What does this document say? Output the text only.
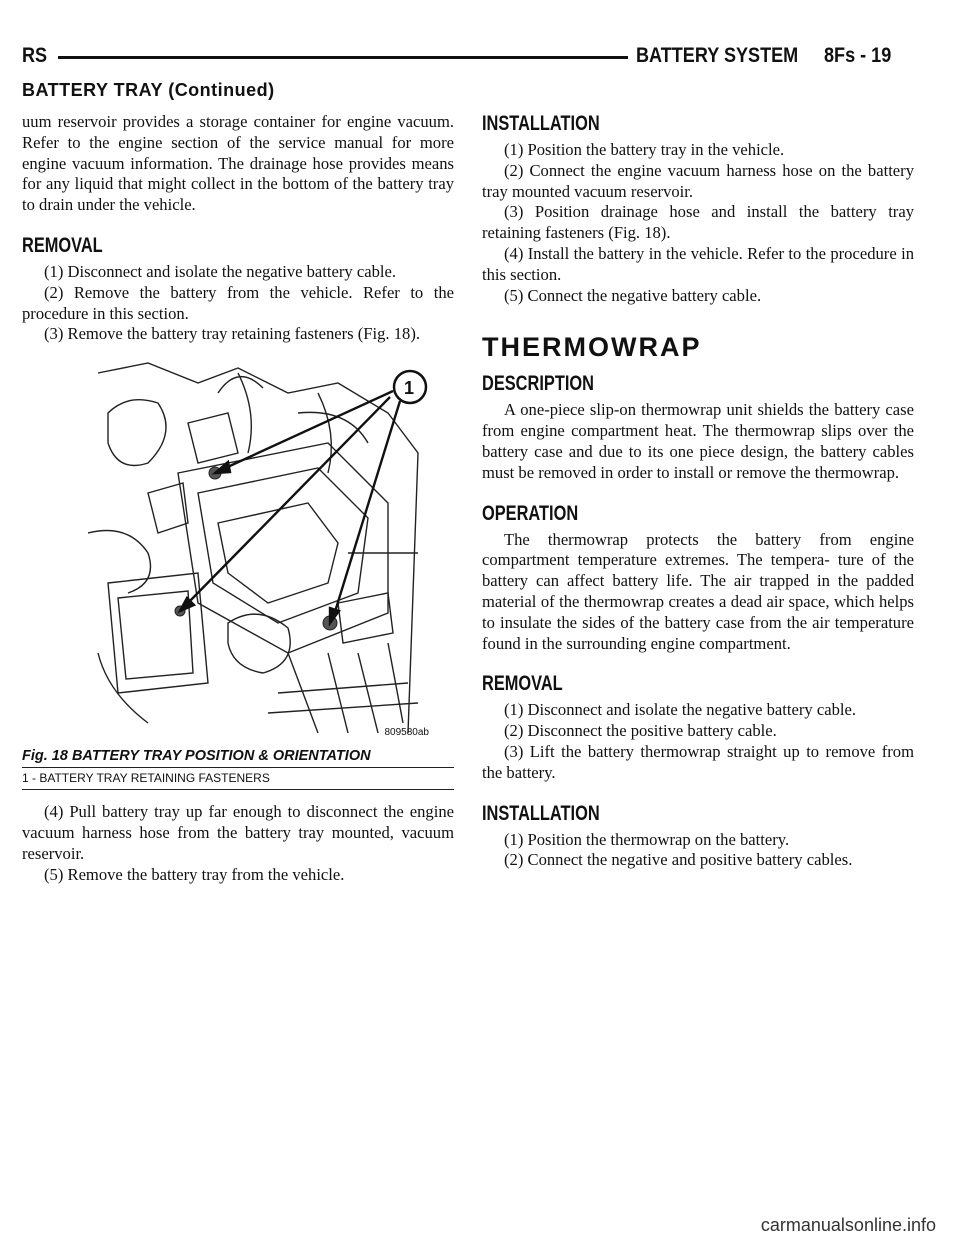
RS	BATTERY SYSTEM 8Fs - 19
BATTERY TRAY (Continued)

uum reservoir provides a storage container for engine vacuum. Refer to the engine section of the service manual for more engine vacuum information. The drainage hose provides means for any liquid that might collect in the bottom of the battery tray to drain under the vehicle.

REMOVAL

(1) Disconnect and isolate the negative battery cable.

(2) Remove the battery from the vehicle. Refer to the procedure in this section.

(3) Remove the battery tray retaining fasteners (Fig. 18).

1
809580ab
Fig. 18 BATTERY TRAY POSITION & ORIENTATION
1 - BATTERY TRAY RETAINING FASTENERS

(4) Pull battery tray up far enough to disconnect the engine vacuum harness hose from the battery tray mounted, vacuum reservoir.

(5) Remove the battery tray from the vehicle.

INSTALLATION

(1) Position the battery tray in the vehicle.

(2) Connect the engine vacuum harness hose on the battery tray mounted vacuum reservoir.

(3) Position drainage hose and install the battery tray retaining fasteners (Fig. 18).

(4) Install the battery in the vehicle. Refer to the procedure in this section.

(5) Connect the negative battery cable.

THERMOWRAP
DESCRIPTION

A one-piece slip-on thermowrap unit shields the battery case from engine compartment heat. The thermowrap slips over the battery case and due to its one piece design, the battery cables must be removed in order to install or remove the thermowrap.

OPERATION

The thermowrap protects the battery from engine compartment temperature extremes. The tempera- ture of the battery can affect battery life. The air trapped in the padded material of the thermowrap creates a dead air space, which helps to insulate the sides of the battery case from the air temperature found in the surrounding engine compartment.

REMOVAL

(1) Disconnect and isolate the negative battery cable.

(2) Disconnect the positive battery cable.

(3) Lift the battery thermowrap straight up to remove from the battery.

INSTALLATION

(1) Position the thermowrap on the battery.

(2) Connect the negative and positive battery cables.

carmanualsonline.info
